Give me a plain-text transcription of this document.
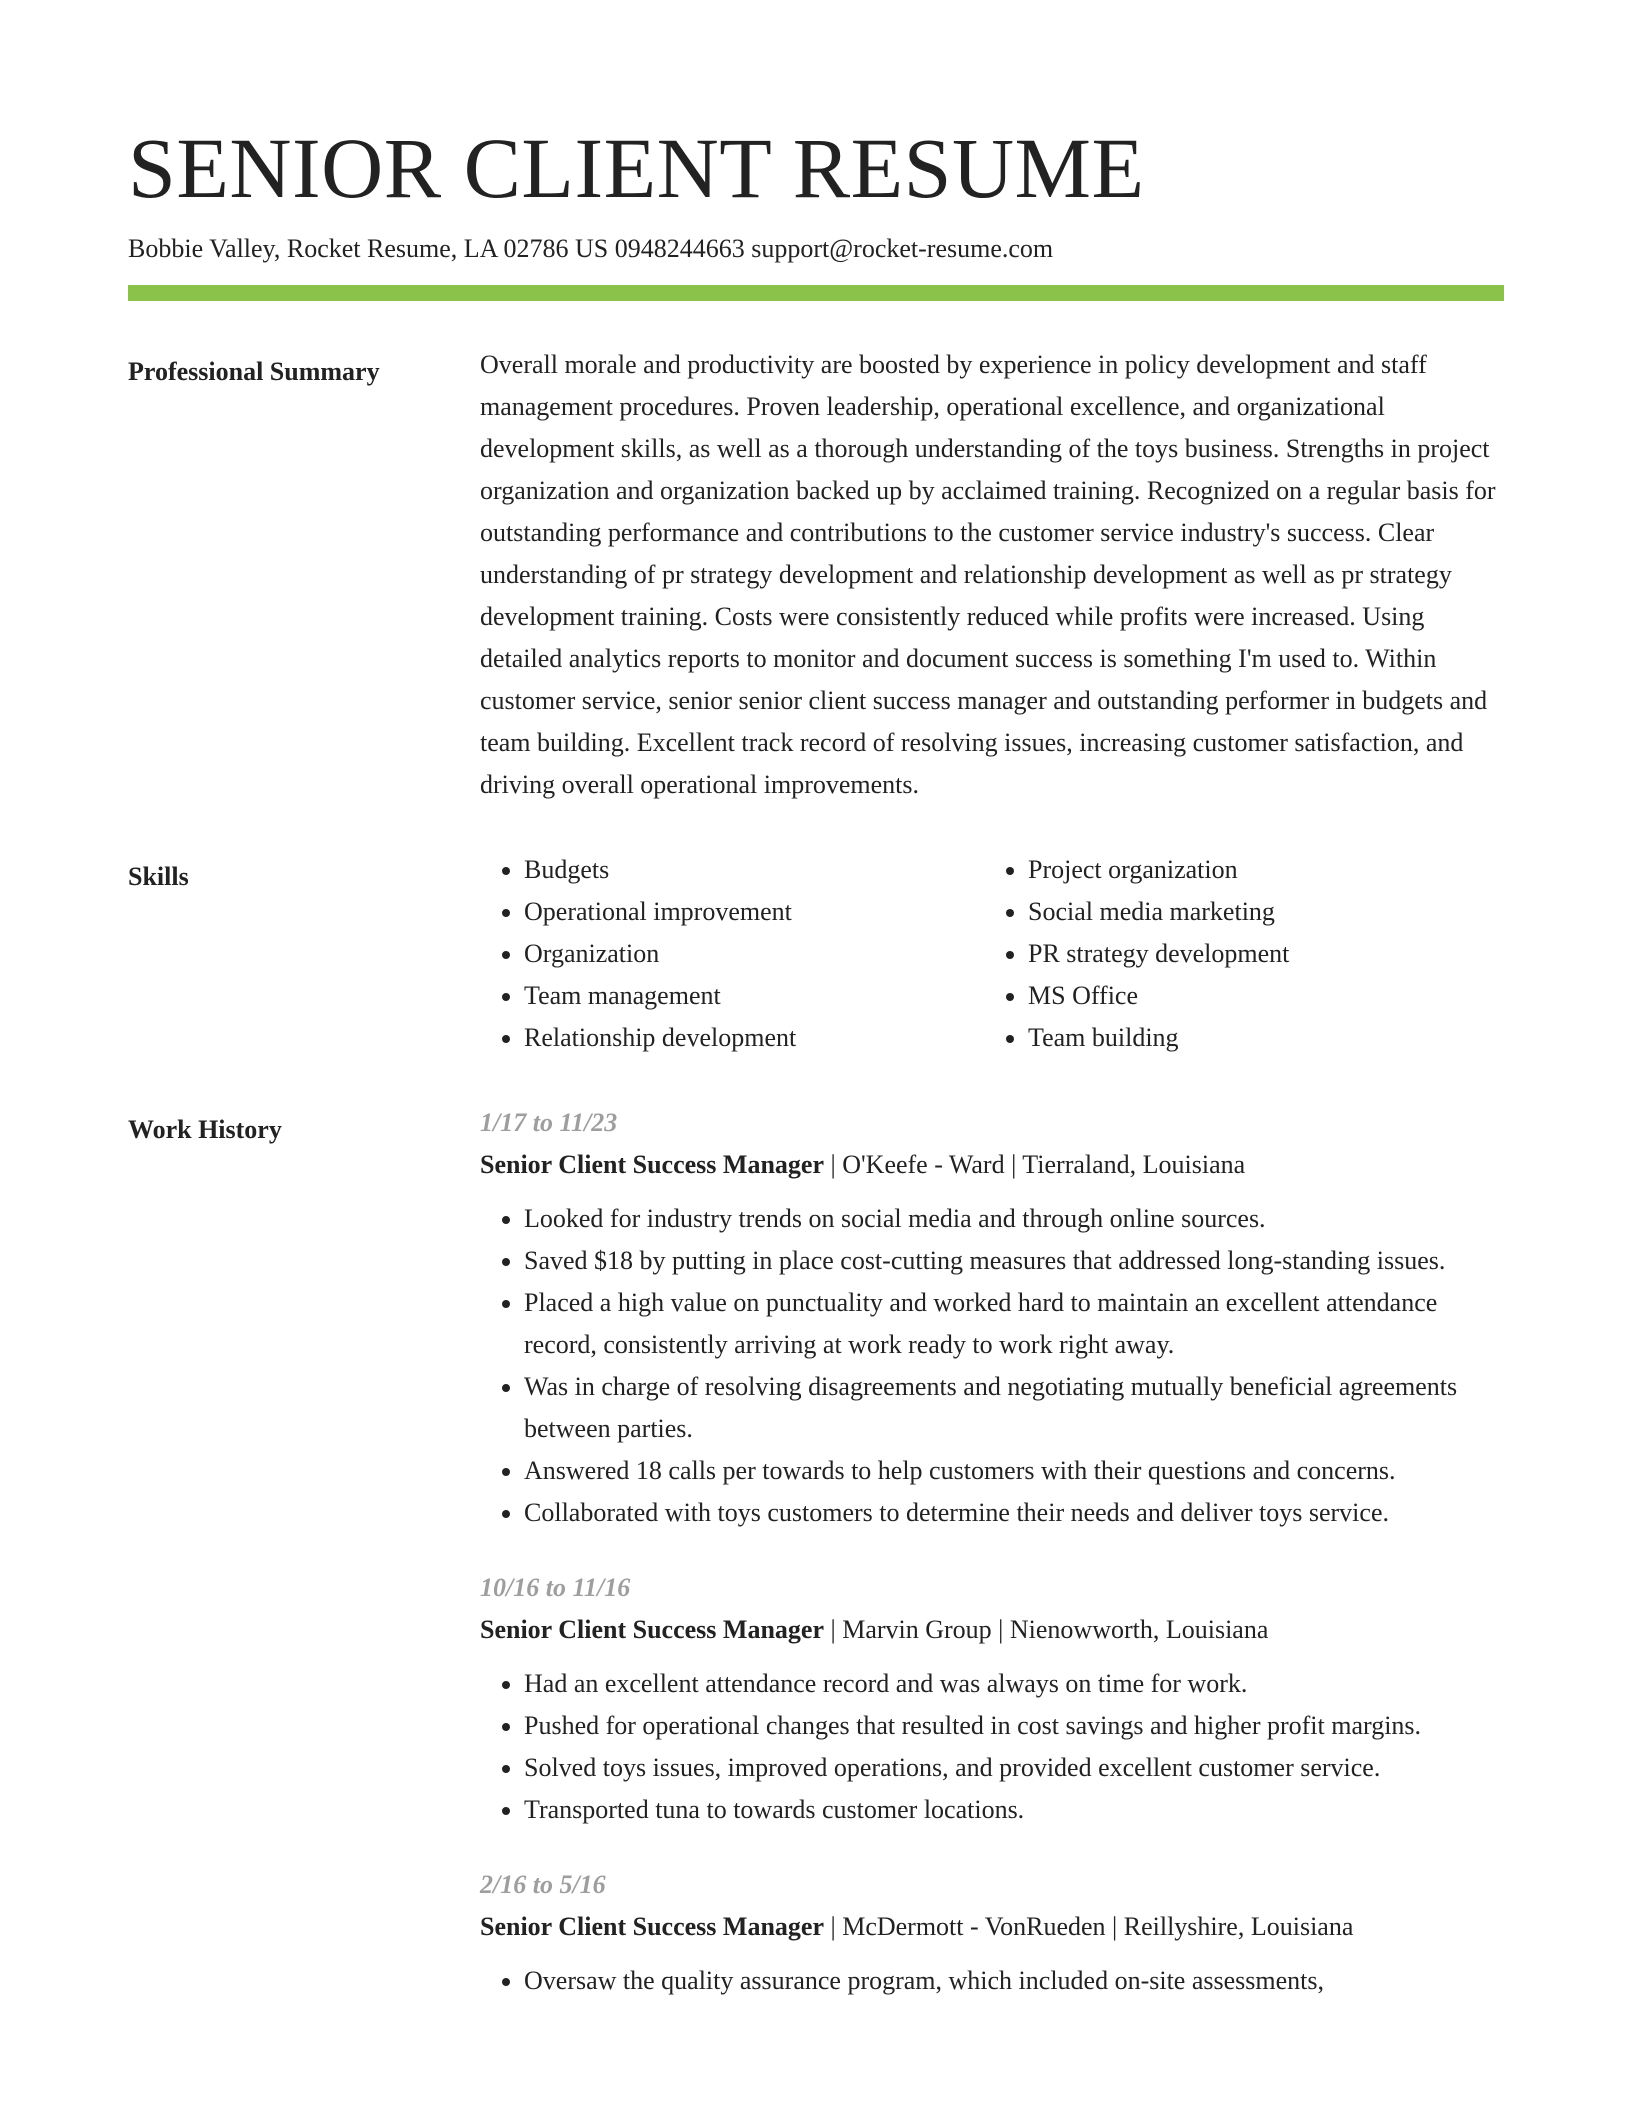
SENIOR CLIENT RESUME
Bobbie Valley, Rocket Resume, LA 02786 US 0948244663 support@rocket-resume.com
Professional Summary	Overall morale and productivity are boosted by experience in policy development and staff management procedures. Proven leadership, operational excellence, and organizational development skills, as well as a thorough understanding of the toys business. Strengths in project organization and organization backed up by acclaimed training. Recognized on a regular basis for outstanding performance and contributions to the customer service industry's success. Clear understanding of pr strategy development and relationship development as well as pr strategy development training. Costs were consistently reduced while profits were increased. Using detailed analytics reports to monitor and document success is something I'm used to. Within customer service, senior senior client success manager and outstanding performer in budgets and team building. Excellent track record of resolving issues, increasing customer satisfaction, and driving overall operational improvements.

Skills
•	Budgets
• Operational improvement
• Organization
• Team management
• Relationship development
• Project organization
• Social media marketing
• PR strategy development
• MS Office
• Team building
Work History	1/17 to 11/23
Senior Client Success Manager | O'Keefe - Ward | Tierraland, Louisiana
• Looked for industry trends on social media and through online sources.
• Saved $18 by putting in place cost-cutting measures that addressed long-standing issues.
• Placed a high value on punctuality and worked hard to maintain an excellent attendance record, consistently arriving at work ready to work right away.
• Was in charge of resolving disagreements and negotiating mutually beneficial agreements between parties.
• Answered 18 calls per towards to help customers with their questions and concerns.
• Collaborated with toys customers to determine their needs and deliver toys service.
10/16 to 11/16
Senior Client Success Manager | Marvin Group | Nienowworth, Louisiana
• Had an excellent attendance record and was always on time for work.
• Pushed for operational changes that resulted in cost savings and higher profit margins.
• Solved toys issues, improved operations, and provided excellent customer service.
• Transported tuna to towards customer locations.
2/16 to 5/16
Senior Client Success Manager | McDermott - VonRueden | Reillyshire, Louisiana
• Oversaw the quality assurance program, which included on-site assessments,
